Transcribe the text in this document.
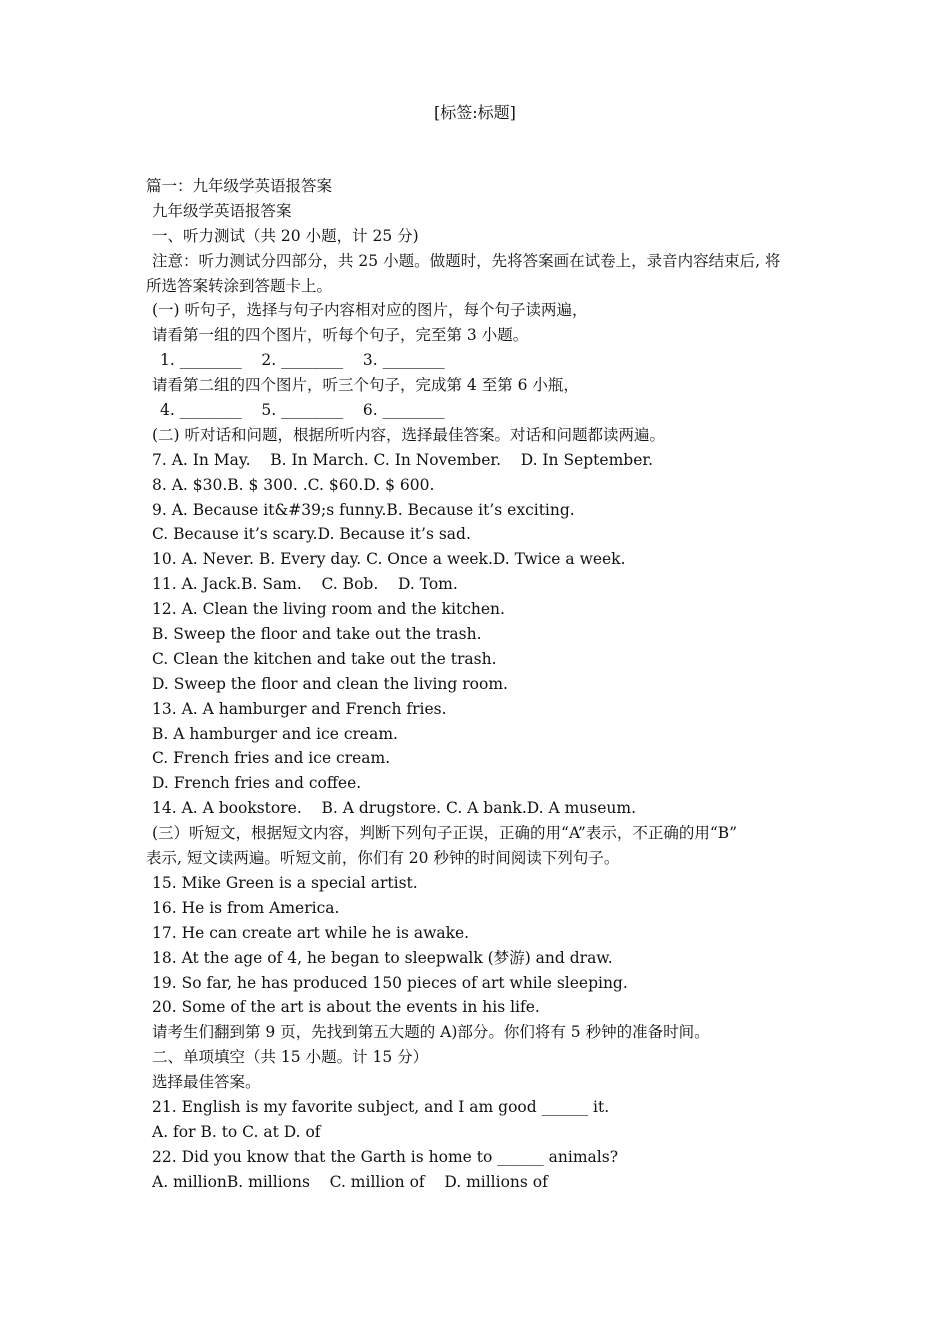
[标签:标题]
篇一：九年级学英语报答案
九年级学英语报答案
一、听力测试（共 20 小题，计 25 分)
注意：听力测试分四部分，共 25 小题。做题时，先将答案画在试卷上，录音内容结束后, 将
所选答案转涂到答题卡上。
(一) 听句子，选择与句子内容相对应的图片，每个句子读两遍，
请看第一组的四个图片，听每个句子，完至第 3 小题。
1. ________    2. ________    3. ________
请看第二组的四个图片，听三个句子，完成第 4 至第 6 小瓶，
4. ________    5. ________    6. ________
(二) 听对话和问题，根据所听内容，选择最佳答案。对话和问题都读两遍。
7. A. In May.    B. In March. C. In November.    D. In September.
8. A. $30.B. $ 300. .C. $60.D. $ 600.
9. A. Because it&#39;s funny.B. Because it’s exciting.
C. Because it’s scary.D. Because it’s sad.
10. A. Never. B. Every day. C. Once a week.D. Twice a week.
11. A. Jack.B. Sam.    C. Bob.    D. Tom.
12. A. Clean the living room and the kitchen.
B. Sweep the floor and take out the trash.
C. Clean the kitchen and take out the trash.
D. Sweep the floor and clean the living room.
13. A. A hamburger and French fries.
B. A hamburger and ice cream.
C. French fries and ice cream.
D. French fries and coffee.
14. A. A bookstore.    B. A drugstore. C. A bank.D. A museum.
(三）听短文，根据短文内容，判断下列句子正误，正确的用“A”表示，不正确的用“B”
表示, 短文读两遍。听短文前，你们有 20 秒钟的时间阅读下列句子。
15. Mike Green is a special artist.
16. He is from America.
17. He can create art while he is awake.
18. At the age of 4, he began to sleepwalk (梦游) and draw.
19. So far, he has produced 150 pieces of art while sleeping.
20. Some of the art is about the events in his life.
请考生们翻到第 9 页，先找到第五大题的 A)部分。你们将有 5 秒钟的准备时间。
二、单项填空（共 15 小题。计 15 分）
选择最佳答案。
21. English is my favorite subject, and I am good ______ it.
A. for B. to C. at D. of
22. Did you know that the Garth is home to ______ animals?
A. millionB. millions    C. million of    D. millions of
